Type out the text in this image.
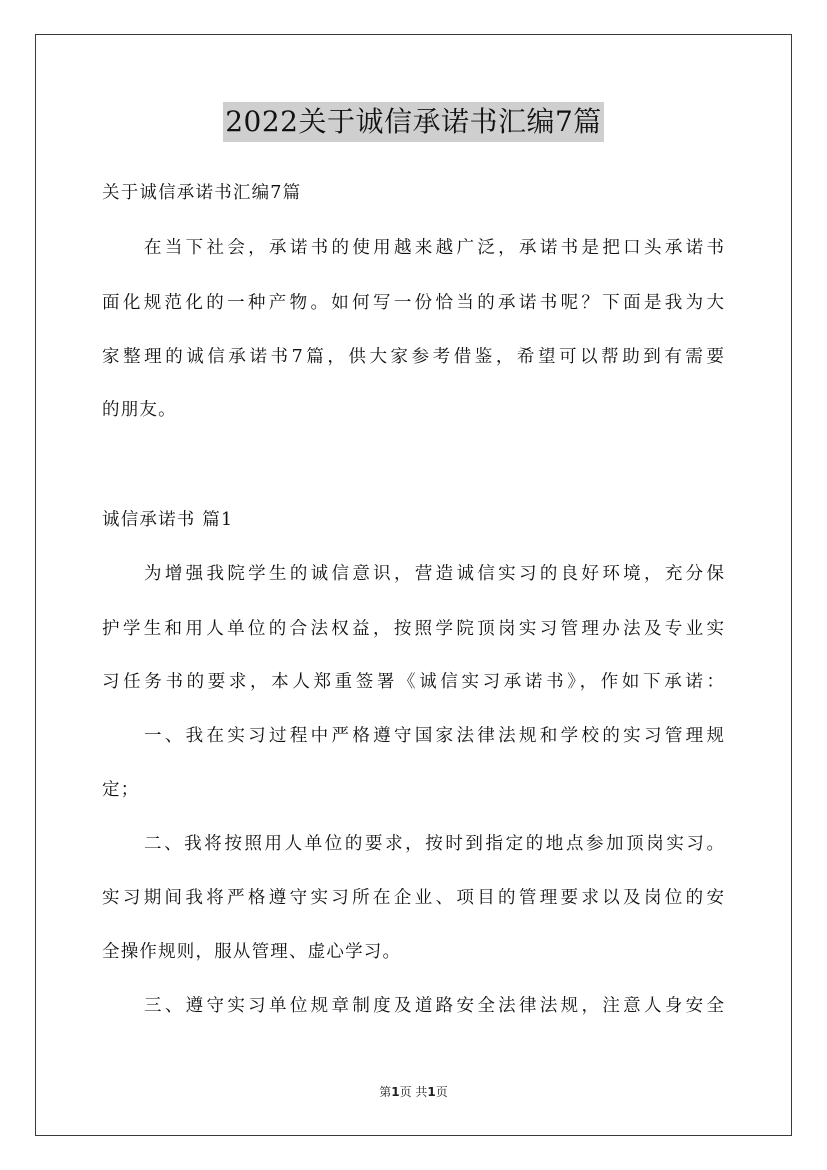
2022关于诚信承诺书汇编7篇
关于诚信承诺书汇编7篇
在当下社会，承诺书的使用越来越广泛，承诺书是把口头承诺书
面化规范化的一种产物。如何写一份恰当的承诺书呢？下面是我为大
家整理的诚信承诺书7篇，供大家参考借鉴，希望可以帮助到有需要
的朋友。
诚信承诺书 篇1
为增强我院学生的诚信意识，营造诚信实习的良好环境，充分保
护学生和用人单位的合法权益，按照学院顶岗实习管理办法及专业实
习任务书的要求，本人郑重签署《诚信实习承诺书》，作如下承诺：
一、我在实习过程中严格遵守国家法律法规和学校的实习管理规
定；
二、我将按照用人单位的要求，按时到指定的地点参加顶岗实习。
实习期间我将严格遵守实习所在企业、项目的管理要求以及岗位的安
全操作规则，服从管理、虚心学习。
三、遵守实习单位规章制度及道路安全法律法规，注意人身安全
第1页 共1页
